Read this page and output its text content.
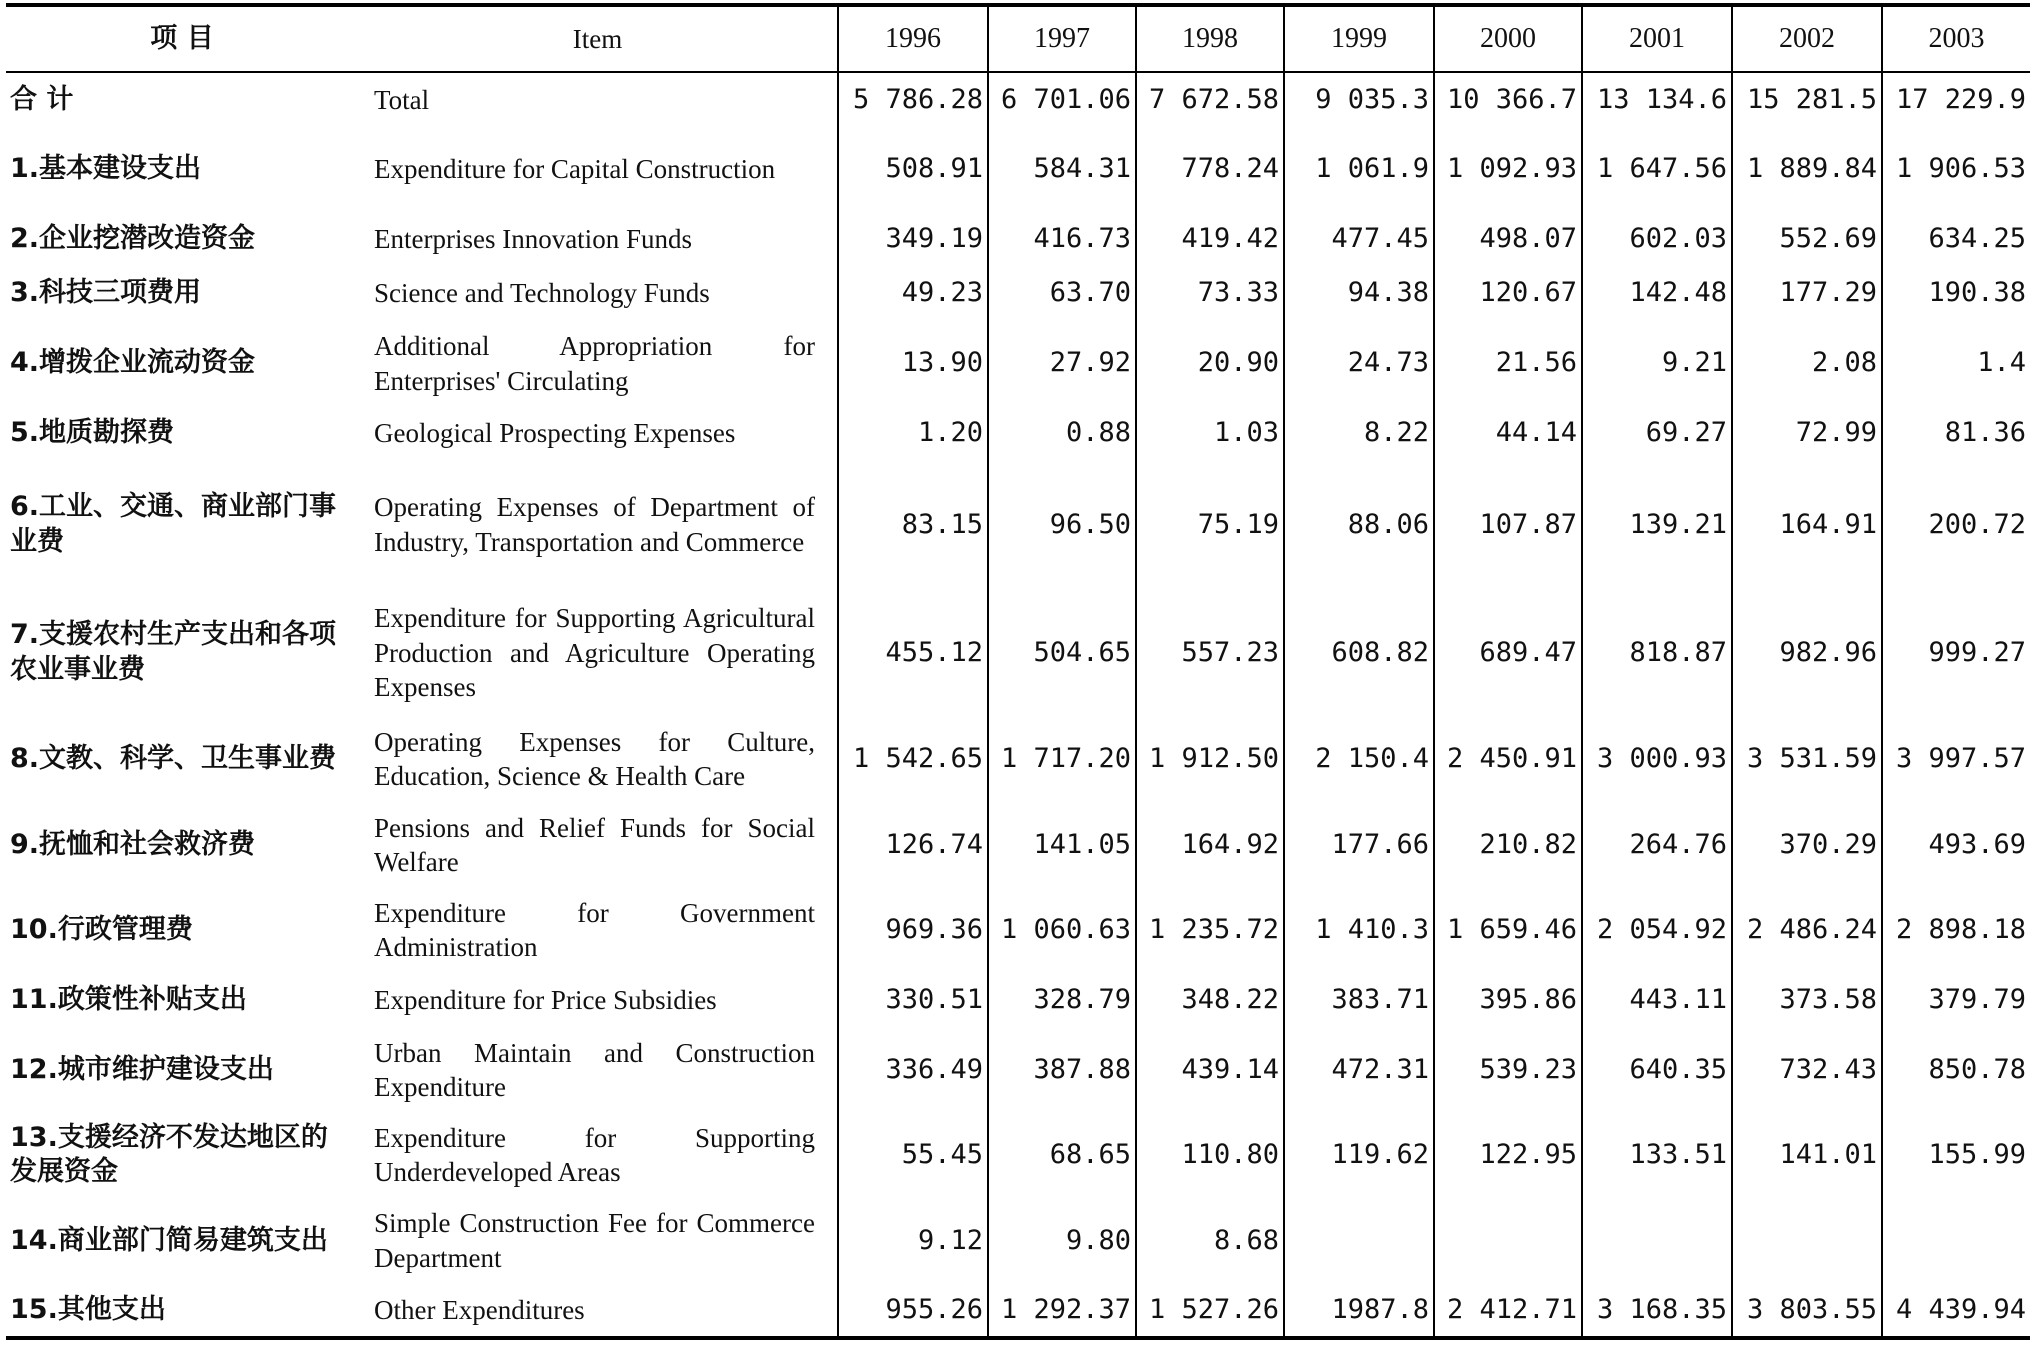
项 目	Item	1996	1997	1998	1999	2000	2001	2002	2003
合 计	Total	5 786.28	6 701.06	7 672.58	9 035.3	10 366.7	13 134.6	15 281.5	17 229.9
1.基本建设支出	Expenditure for Capital Construction	508.91	584.31	778.24	1 061.9	1 092.93	1 647.56	1 889.84	1 906.53
2.企业挖潜改造资金	Enterprises Innovation Funds	349.19	416.73	419.42	477.45	498.07	602.03	552.69	634.25
3.科技三项费用	Science and Technology Funds	49.23	63.70	73.33	94.38	120.67	142.48	177.29	190.38
4.增拨企业流动资金	Additional Appropriation for Enterprises' Circulating	13.90	27.92	20.90	24.73	21.56	9.21	2.08	1.4
5.地质勘探费	Geological Prospecting Expenses	1.20	0.88	1.03	8.22	44.14	69.27	72.99	81.36
6.工业、交通、商业部门事业费	Operating Expenses of Department of Industry, Transportation and Commerce	83.15	96.50	75.19	88.06	107.87	139.21	164.91	200.72
7.支援农村生产支出和各项农业事业费	Expenditure for Supporting Agricultural Production and Agriculture Operating Expenses	455.12	504.65	557.23	608.82	689.47	818.87	982.96	999.27
8.文教、科学、卫生事业费	Operating Expenses for Culture, Education, Science & Health Care	1 542.65	1 717.20	1 912.50	2 150.4	2 450.91	3 000.93	3 531.59	3 997.57
9.抚恤和社会救济费	Pensions and Relief Funds for Social Welfare	126.74	141.05	164.92	177.66	210.82	264.76	370.29	493.69
10.行政管理费	Expenditure for Government Administration	969.36	1 060.63	1 235.72	1 410.3	1 659.46	2 054.92	2 486.24	2 898.18
11.政策性补贴支出	Expenditure for Price Subsidies	330.51	328.79	348.22	383.71	395.86	443.11	373.58	379.79
12.城市维护建设支出	Urban Maintain and Construction Expenditure	336.49	387.88	439.14	472.31	539.23	640.35	732.43	850.78
13.支援经济不发达地区的发展资金	Expenditure for Supporting Underdeveloped Areas	55.45	68.65	110.80	119.62	122.95	133.51	141.01	155.99
14.商业部门简易建筑支出	Simple Construction Fee for Commerce Department	9.12	9.80	8.68					
15.其他支出	Other Expenditures	955.26	1 292.37	1 527.26	1987.8	2 412.71	3 168.35	3 803.55	4 439.94
